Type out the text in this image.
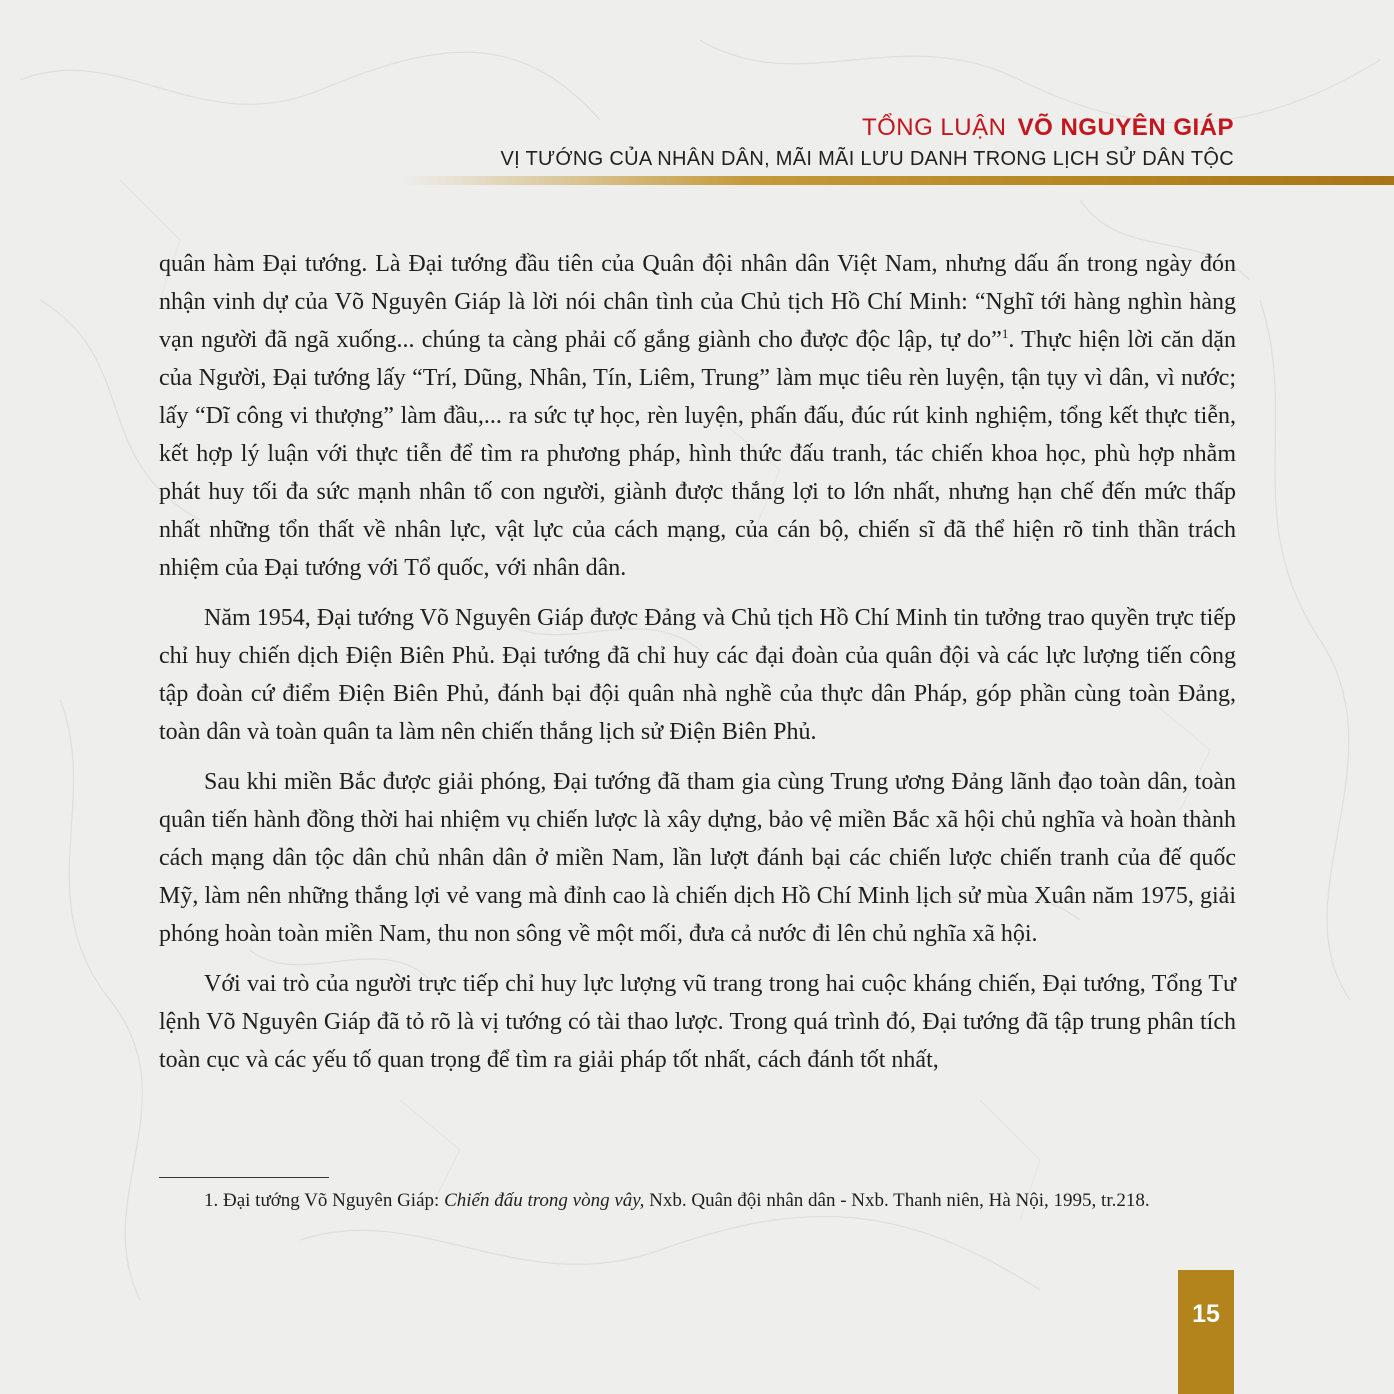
TỔNG LUẬN VÕ NGUYÊN GIÁP
VỊ TƯỚNG CỦA NHÂN DÂN, MÃI MÃI LƯU DANH TRONG LỊCH SỬ DÂN TỘC

quân hàm Đại tướng. Là Đại tướng đầu tiên của Quân đội nhân dân Việt Nam, nhưng dấu ấn trong ngày đón nhận vinh dự của Võ Nguyên Giáp là lời nói chân tình của Chủ tịch Hồ Chí Minh: “Nghĩ tới hàng nghìn hàng vạn người đã ngã xuống... chúng ta càng phải cố gắng giành cho được độc lập, tự do”$^1$. Thực hiện lời căn dặn của Người, Đại tướng lấy “Trí, Dũng, Nhân, Tín, Liêm, Trung” làm mục tiêu rèn luyện, tận tụy vì dân, vì nước; lấy “Dĩ công vi thượng” làm đầu,... ra sức tự học, rèn luyện, phấn đấu, đúc rút kinh nghiệm, tổng kết thực tiễn, kết hợp lý luận với thực tiễn để tìm ra phương pháp, hình thức đấu tranh, tác chiến khoa học, phù hợp nhằm phát huy tối đa sức mạnh nhân tố con người, giành được thắng lợi to lớn nhất, nhưng hạn chế đến mức thấp nhất những tổn thất về nhân lực, vật lực của cách mạng, của cán bộ, chiến sĩ đã thể hiện rõ tinh thần trách nhiệm của Đại tướng với Tổ quốc, với nhân dân.

Năm 1954, Đại tướng Võ Nguyên Giáp được Đảng và Chủ tịch Hồ Chí Minh tin tưởng trao quyền trực tiếp chỉ huy chiến dịch Điện Biên Phủ. Đại tướng đã chỉ huy các đại đoàn của quân đội và các lực lượng tiến công tập đoàn cứ điểm Điện Biên Phủ, đánh bại đội quân nhà nghề của thực dân Pháp, góp phần cùng toàn Đảng, toàn dân và toàn quân ta làm nên chiến thắng lịch sử Điện Biên Phủ.

Sau khi miền Bắc được giải phóng, Đại tướng đã tham gia cùng Trung ương Đảng lãnh đạo toàn dân, toàn quân tiến hành đồng thời hai nhiệm vụ chiến lược là xây dựng, bảo vệ miền Bắc xã hội chủ nghĩa và hoàn thành cách mạng dân tộc dân chủ nhân dân ở miền Nam, lần lượt đánh bại các chiến lược chiến tranh của đế quốc Mỹ, làm nên những thắng lợi vẻ vang mà đỉnh cao là chiến dịch Hồ Chí Minh lịch sử mùa Xuân năm 1975, giải phóng hoàn toàn miền Nam, thu non sông về một mối, đưa cả nước đi lên chủ nghĩa xã hội.

Với vai trò của người trực tiếp chỉ huy lực lượng vũ trang trong hai cuộc kháng chiến, Đại tướng, Tổng Tư lệnh Võ Nguyên Giáp đã tỏ rõ là vị tướng có tài thao lược. Trong quá trình đó, Đại tướng đã tập trung phân tích toàn cục và các yếu tố quan trọng để tìm ra giải pháp tốt nhất, cách đánh tốt nhất,

1. Đại tướng Võ Nguyên Giáp: Chiến đấu trong vòng vây, Nxb. Quân đội nhân dân - Nxb. Thanh niên, Hà Nội, 1995, tr.218.
15
